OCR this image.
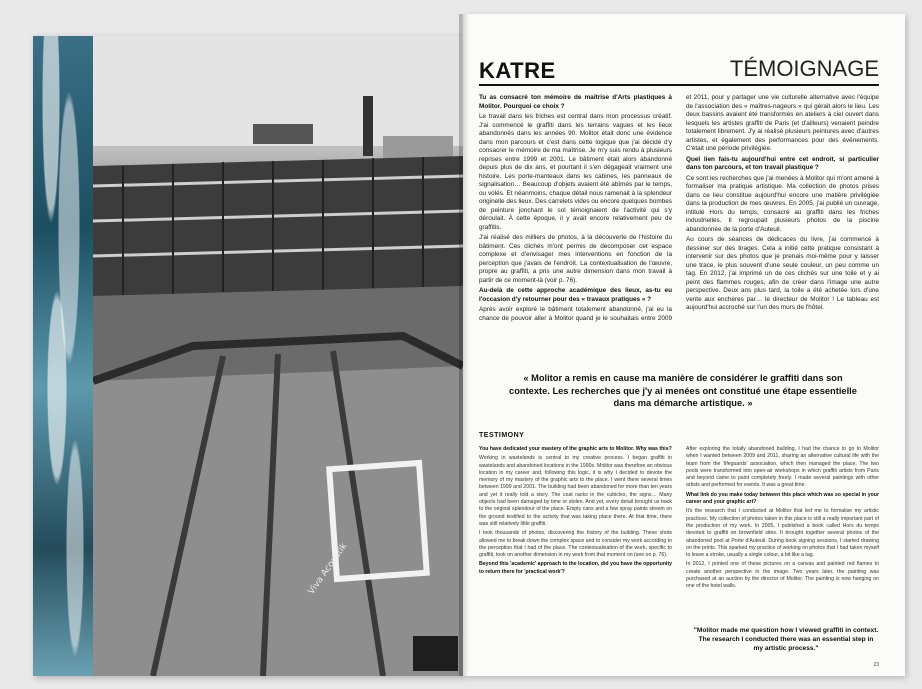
Viva Acoustik
KATRE	TÉMOIGNAGE

Tu as consacré ton mémoire de maîtrise d'Arts plastiques à Molitor. Pourquoi ce choix ?

Le travail dans les friches est central dans mon processus créatif. J'ai commencé le graffiti dans les terrains vagues et les lieux abandonnés dans les années 90. Molitor était donc une évidence dans mon parcours et c'est dans cette logique que j'ai décidé d'y consacrer le mémoire de ma maîtrise. Je m'y suis rendu à plusieurs reprises entre 1999 et 2001. Le bâtiment était alors abandonné depuis plus de dix ans, et pourtant il s'en dégageait vraiment une histoire. Les porte-manteaux dans les cabines, les panneaux de signalisation… Beaucoup d'objets avaient été abîmés par le temps, ou volés. Et néanmoins, chaque détail nous ramenait à la splendeur originelle des lieux. Des carrelets vides ou encore quelques bombes de peinture jonchant le sol témoignaient de l'activité qui s'y déroulait. À cette époque, il y avait encore relativement peu de graffitis.

J'ai réalisé des milliers de photos, à la découverte de l'histoire du bâtiment. Ces clichés m'ont permis de décomposer cet espace complexe et d'envisager mes interventions en fonction de la perception que j'avais de l'endroit. La contextualisation de l'œuvre, propre au graffiti, a pris une autre dimension dans mon travail à partir de ce moment-là (voir p. 76).

Au-delà de cette approche académique des lieux, as-tu eu l'occasion d'y retourner pour des « travaux pratiques » ?

Après avoir exploré le bâtiment totalement abandonné, j'ai eu la chance de pouvoir aller à Molitor quand je le souhaitais entre 2009 et 2011, pour y partager une vie culturelle alternative avec l'équipe de l'association des « maîtres-nageurs » qui gérait alors le lieu. Les deux bassins avaient été transformés en ateliers à ciel ouvert dans lesquels les artistes graffiti de Paris (et d'ailleurs) venaient peindre totalement librement. J'y ai réalisé plusieurs peintures avec d'autres artistes, et également des performances pour des événements. C'était une période privilégiée.

Quel lien fais-tu aujourd'hui entre cet endroit, si particulier dans ton parcours, et ton travail plastique ?

Ce sont les recherches que j'ai menées à Molitor qui m'ont amené à formaliser ma pratique artistique. Ma collection de photos prises dans ce lieu constitue aujourd'hui encore une matière privilégiée dans la production de mes œuvres. En 2005, j'ai publié un ouvrage, intitulé Hors du temps, consacré au graffiti dans les friches industrielles. Il regroupait plusieurs photos de la piscine abandonnée de la porte d'Auteuil.

Au cours de séances de dédicaces du livre, j'ai commencé à dessiner sur des tirages. Cela a initié cette pratique consistant à intervenir sur des photos que je prenais moi-même pour y laisser une trace, le plus souvent d'une seule couleur, un peu comme un tag. En 2012, j'ai imprimé un de ces clichés sur une toile et y ai peint des flammes rouges, afin de créer dans l'image une autre perspective. Deux ans plus tard, la toile a été achetée lors d'une vente aux enchères par… le directeur de Molitor ! Le tableau est aujourd'hui accroché sur l'un des murs de l'hôtel.

« Molitor a remis en cause ma manière de considérer le graffiti dans son contexte. Les recherches que j'y ai menées ont constitué une étape essentielle dans ma démarche artistique. »
TESTIMONY

You have dedicated your mastery of the graphic arts to Molitor. Why was this?

Working in wastelands is central to my creative process. I began graffiti in wastelands and abandoned locations in the 1990s. Molitor was therefore an obvious location in my career and, following this logic, it is why I decided to devote the memory of my mastery of the graphic arts to the place. I went there several times between 1999 and 2001. The building had been abandoned for more than ten years and yet it really told a story. The coat racks in the cubicles, the signs… Many objects had been damaged by time or stolen. And yet, every detail brought us back to the original splendour of the place. Empty cans and a few spray paints strewn on the ground testified to the activity that was taking place there. At that time, there was still relatively little graffiti.

I took thousands of photos, discovering the history of the building. These shots allowed me to break down the complex space and to consider my work according to the perception that I had of the place. The contextualisation of the work, specific to graffiti, took on another dimension in my work from that moment on (see on p. 76).

Beyond this 'academic' approach to the location, did you have the opportunity to return there for 'practical work'?

After exploring the totally abandoned building, I had the chance to go to Molitor when I wanted between 2009 and 2011, sharing an alternative cultural life with the team from the 'lifeguards' association, which then managed the place. The two pools were transformed into open-air workshops in which graffiti artists from Paris and beyond came to paint completely freely. I made several paintings with other artists and performed for events. It was a great time.

What link do you make today between this place which was so special in your career and your graphic art?

It's the research that I conducted at Molitor that led me to formalise my artistic practices. My collection of photos taken in this place is still a really important part of the production of my work. In 2005, I published a book called Hors du temps devoted to graffiti on brownfield sites. It brought together several photos of the abandoned pool at Porte d'Auteuil. During book signing sessions, I started drawing on the prints. This sparked my practice of working on photos that I had taken myself to leave a stroke, usually a single colour, a bit like a tag.

In 2012, I printed one of these pictures on a canvas and painted red flames to create another perspective in the image. Two years later, the painting was purchased at an auction by the director of Molitor. The painting is now hanging on one of the hotel walls.

"Molitor made me question how I viewed graffiti in context. The research I conducted there was an essential step in my artistic process."
23
